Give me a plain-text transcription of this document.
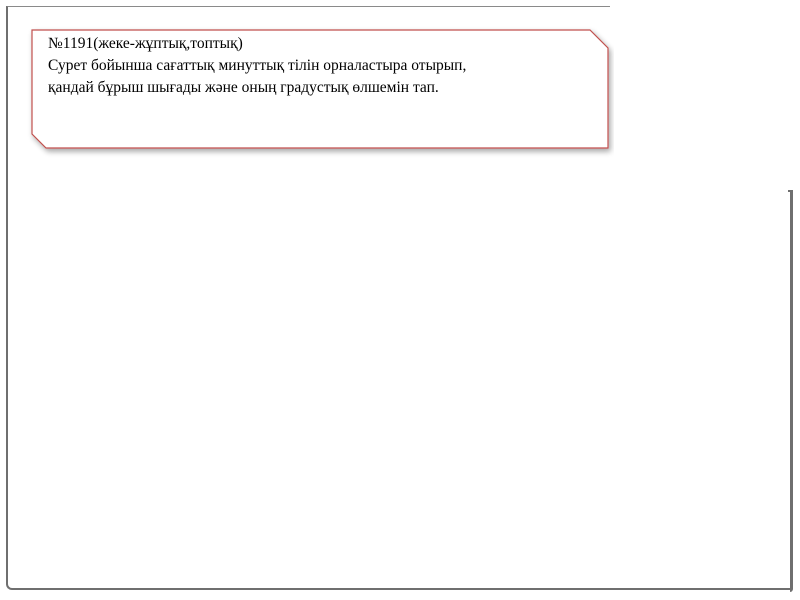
№1191(жеке-жұптық,топтық)
Сурет бойынша сағаттық минуттық тілін орналастыра отырып,
қандай бұрыш шығады және оның градустық өлшемін тап.
